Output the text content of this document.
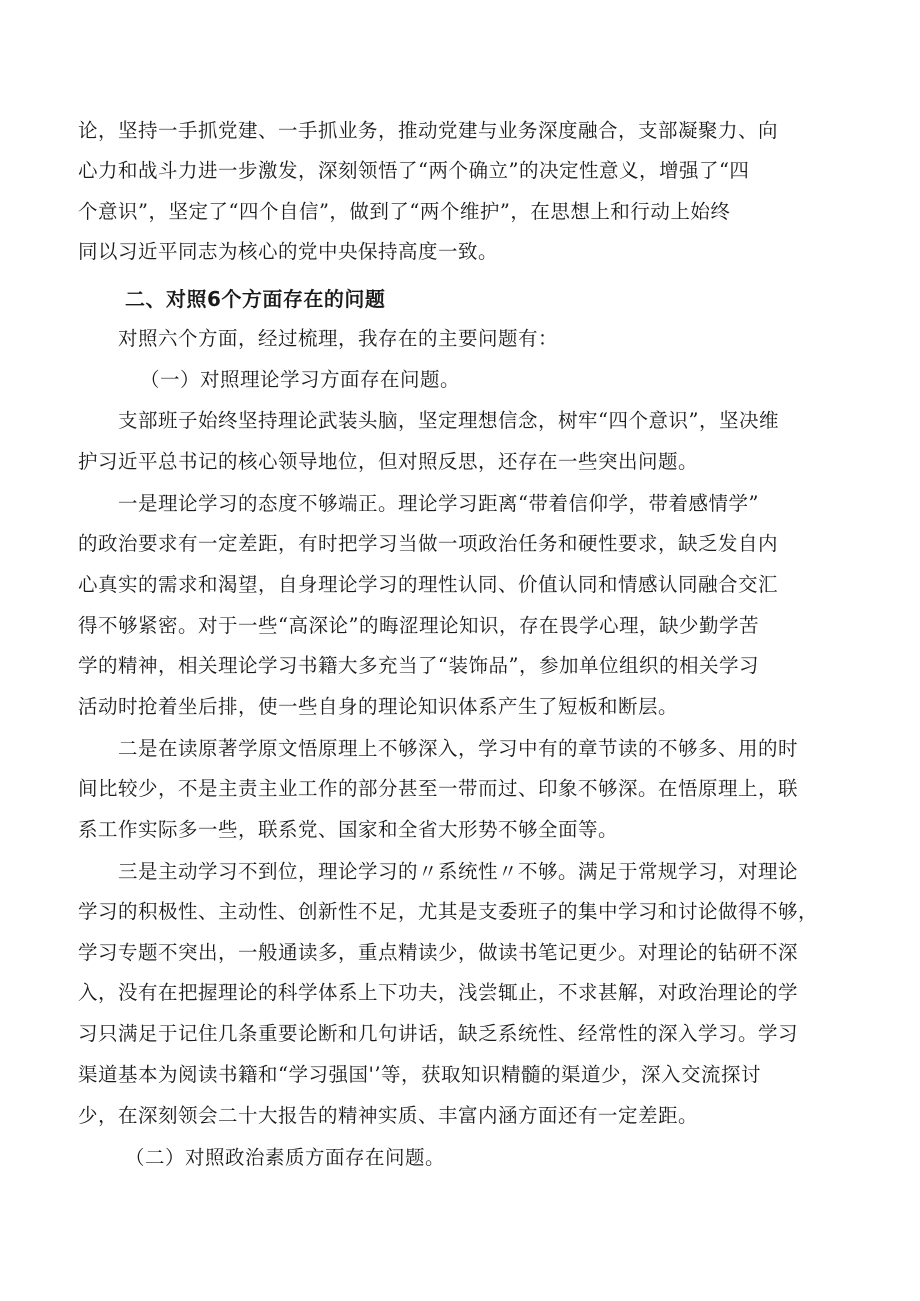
论，坚持一手抓党建、一手抓业务，推动党建与业务深度融合，支部凝聚力、向
心力和战斗力进一步激发，深刻领悟了“两个确立”的决定性意义，增强了“四
个意识”，坚定了“四个自信”，做到了“两个维护”，在思想上和行动上始终
同以习近平同志为核心的党中央保持高度一致。
二、对照6个方面存在的问题
对照六个方面，经过梳理，我存在的主要问题有：
（一）对照理论学习方面存在问题。
支部班子始终坚持理论武装头脑，坚定理想信念，树牢“四个意识”，坚决维
护习近平总书记的核心领导地位，但对照反思，还存在一些突出问题。
一是理论学习的态度不够端正。理论学习距离“带着信仰学，带着感情学”
的政治要求有一定差距，有时把学习当做一项政治任务和硬性要求，缺乏发自内
心真实的需求和渴望，自身理论学习的理性认同、价值认同和情感认同融合交汇
得不够紧密。对于一些“高深论”的晦涩理论知识，存在畏学心理，缺少勤学苦
学的精神，相关理论学习书籍大多充当了“装饰品”，参加单位组织的相关学习
活动时抢着坐后排，使一些自身的理论知识体系产生了短板和断层。
二是在读原著学原文悟原理上不够深入，学习中有的章节读的不够多、用的时
间比较少，不是主责主业工作的部分甚至一带而过、印象不够深。在悟原理上，联
系工作实际多一些，联系党、国家和全省大形势不够全面等。
三是主动学习不到位，理论学习的〃系统性〃不够。满足于常规学习，对理论
学习的积极性、主动性、创新性不足，尤其是支委班子的集中学习和讨论做得不够，
学习专题不突出，一般通读多，重点精读少，做读书笔记更少。对理论的钻研不深
入，没有在把握理论的科学体系上下功夫，浅尝辄止，不求甚解，对政治理论的学
习只满足于记住几条重要论断和几句讲话，缺乏系统性、经常性的深入学习。学习
渠道基本为阅读书籍和“学习强国'’等，获取知识精髓的渠道少，深入交流探讨
少，在深刻领会二十大报告的精神实质、丰富内涵方面还有一定差距。
（二）对照政治素质方面存在问题。
